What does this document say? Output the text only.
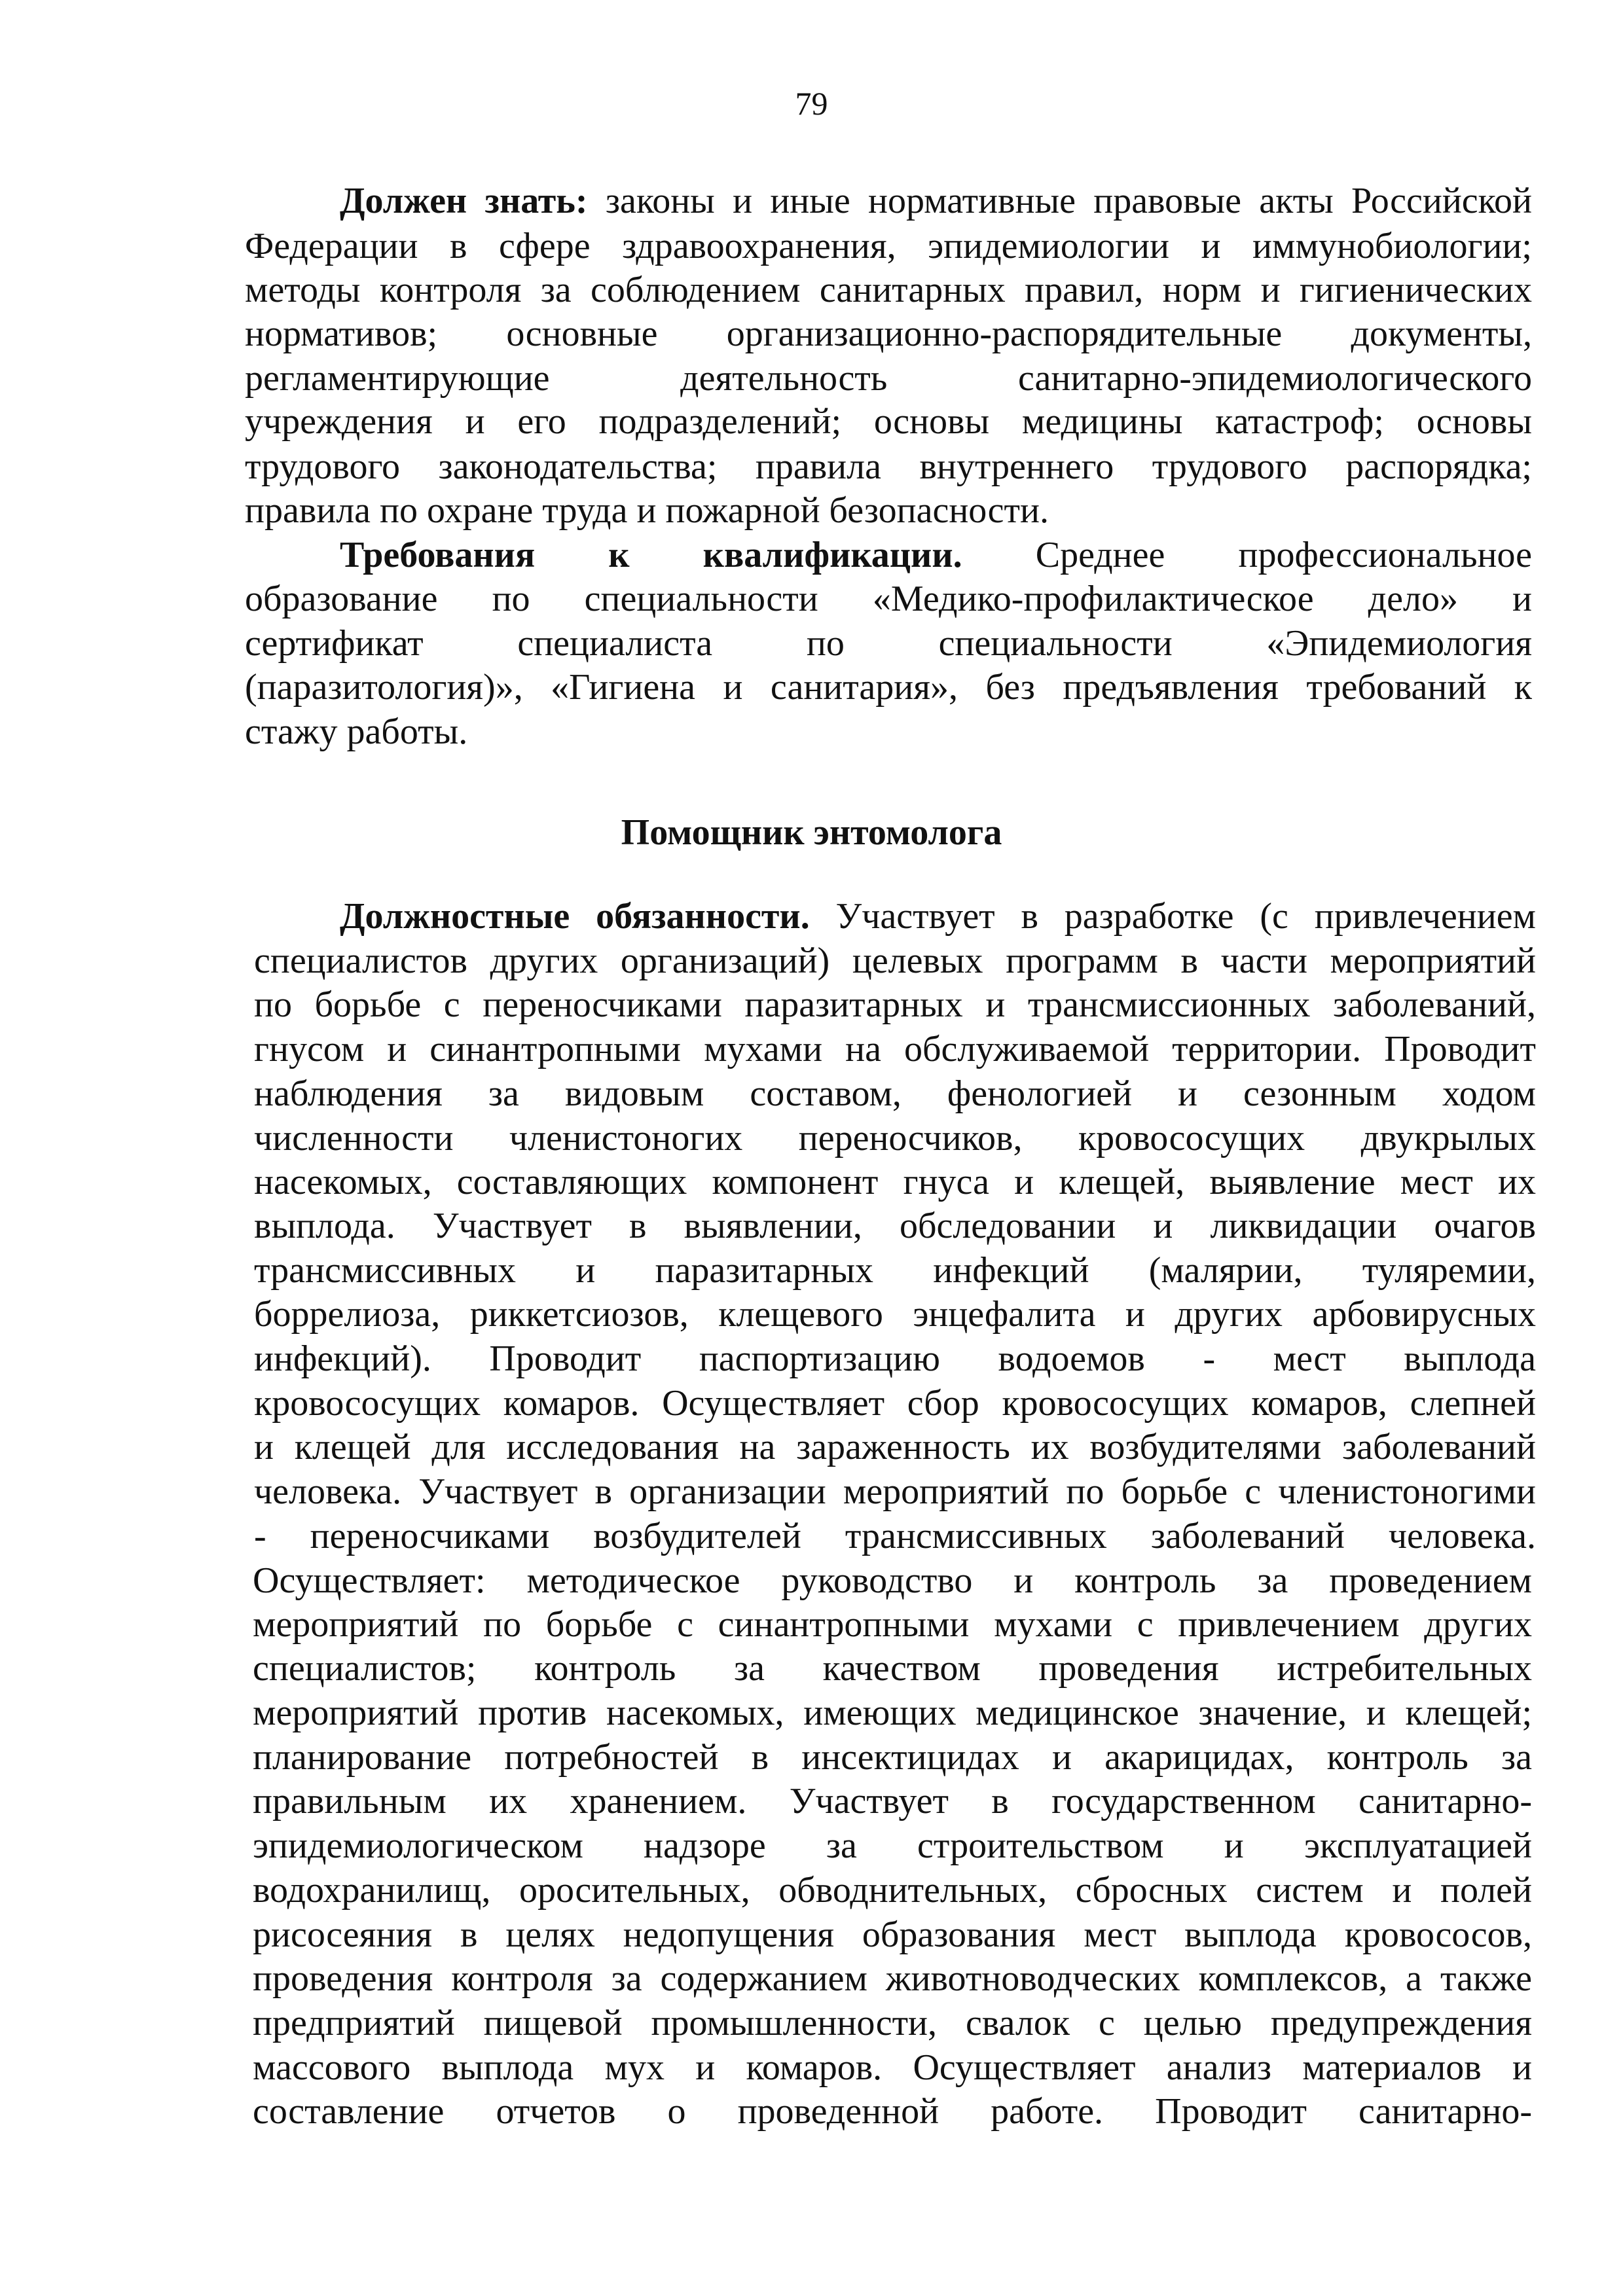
79
Должен знать: законы и иные нормативные правовые акты Российской
Федерации в сфере здравоохранения, эпидемиологии и иммунобиологии;
методы контроля за соблюдением санитарных правил, норм и гигиенических
нормативов; основные организационно-распорядительные документы,
регламентирующие деятельность санитарно-эпидемиологического
учреждения и его подразделений; основы медицины катастроф; основы
трудового законодательства; правила внутреннего трудового распорядка;
правила по охране труда и пожарной безопасности.
Требования к квалификации. Среднее профессиональное
образование по специальности «Медико-профилактическое дело» и
сертификат специалиста по специальности «Эпидемиология
(паразитология)», «Гигиена и санитария», без предъявления требований к
стажу работы.
Помощник энтомолога
Должностные обязанности. Участвует в разработке (с привлечением
специалистов других организаций) целевых программ в части мероприятий
по борьбе с переносчиками паразитарных и трансмиссионных заболеваний,
гнусом и синантропными мухами на обслуживаемой территории. Проводит
наблюдения за видовым составом, фенологией и сезонным ходом
численности членистоногих переносчиков, кровососущих двукрылых
насекомых, составляющих компонент гнуса и клещей, выявление мест их
выплода. Участвует в выявлении, обследовании и ликвидации очагов
трансмиссивных и паразитарных инфекций (малярии, туляремии,
боррелиоза, риккетсиозов, клещевого энцефалита и других арбовирусных
инфекций). Проводит паспортизацию водоемов - мест выплода
кровососущих комаров. Осуществляет сбор кровососущих комаров, слепней
и клещей для исследования на зараженность их возбудителями заболеваний
человека. Участвует в организации мероприятий по борьбе с членистоногими
- переносчиками возбудителей трансмиссивных заболеваний человека.
Осуществляет: методическое руководство и контроль за проведением
мероприятий по борьбе с синантропными мухами с привлечением других
специалистов; контроль за качеством проведения истребительных
мероприятий против насекомых, имеющих медицинское значение, и клещей;
планирование потребностей в инсектицидах и акарицидах, контроль за
правильным их хранением. Участвует в государственном санитарно-
эпидемиологическом надзоре за строительством и эксплуатацией
водохранилищ, оросительных, обводнительных, сбросных систем и полей
рисосеяния в целях недопущения образования мест выплода кровососов,
проведения контроля за содержанием животноводческих комплексов, а также
предприятий пищевой промышленности, свалок с целью предупреждения
массового выплода мух и комаров. Осуществляет анализ материалов и
составление отчетов о проведенной работе. Проводит санитарно-
